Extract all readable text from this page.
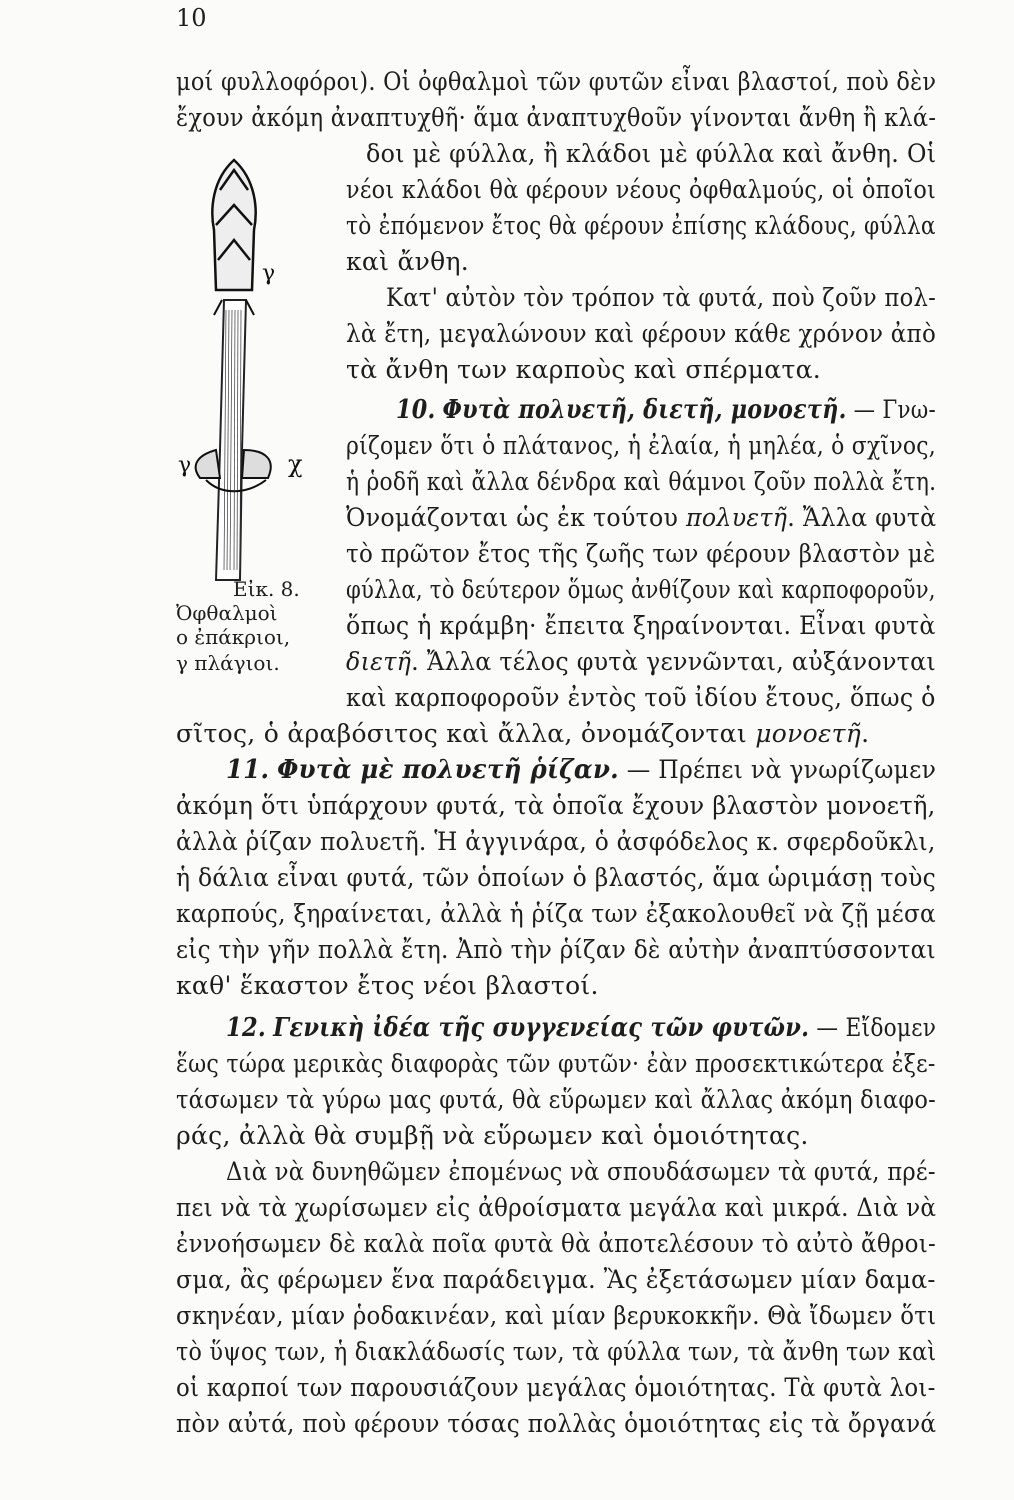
10
μοί φυλλοφόροι). Οἱ ὀφθαλμοὶ τῶν φυτῶν εἶναι βλαστοί, ποὺ δὲν
ἔχουν ἀκόμη ἀναπτυχθῆ· ἅμα ἀναπτυχθοῦν γίνονται ἄνθη ἢ κλά-
γ
γ	χ
Εἰκ. 8.
Ὀφθαλμοὶ
ο ἐπάκριοι,
γ πλάγιοι.
δοι μὲ φύλλα, ἢ κλάδοι μὲ φύλλα καὶ ἄνθη. Οἱ
νέοι κλάδοι θὰ φέρουν νέους ὀφθαλμούς, οἱ ὁποῖοι
τὸ ἐπόμενον ἔτος θὰ φέρουν ἐπίσης κλάδους, φύλλα
καὶ ἄνθη.
Κατ' αὐτὸν τὸν τρόπον τὰ φυτά, ποὺ ζοῦν πολ-
λὰ ἔτη, μεγαλώνουν καὶ φέρουν κάθε χρόνον ἀπὸ
τὰ ἄνθη των καρποὺς καὶ σπέρματα.
10. Φυτὰ πολυετῆ, διετῆ, μονοετῆ. — Γνω-
ρίζομεν ὅτι ὁ πλάτανος, ἡ ἐλαία, ἡ μηλέα, ὁ σχῖνος,
ἡ ῥοδῆ καὶ ἄλλα δένδρα καὶ θάμνοι ζοῦν πολλὰ ἔτη.
Ὀνομάζονται ὡς ἐκ τούτου πολυετῆ. Ἄλλα φυτὰ
τὸ πρῶτον ἔτος τῆς ζωῆς των φέρουν βλαστὸν μὲ
φύλλα, τὸ δεύτερον ὅμως ἀνθίζουν καὶ καρποφοροῦν,
ὅπως ἡ κράμβη· ἔπειτα ξηραίνονται. Εἶναι φυτὰ
διετῆ. Ἄλλα τέλος φυτὰ γεννῶνται, αὐξάνονται
καὶ καρποφοροῦν ἐντὸς τοῦ ἰδίου ἔτους, ὅπως ὁ
σῖτος, ὁ ἀραβόσιτος καὶ ἄλλα, ὀνομάζονται μονοετῆ.
11. Φυτὰ μὲ πολυετῆ ῥίζαν. — Πρέπει νὰ γνωρίζωμεν
ἀκόμη ὅτι ὑπάρχουν φυτά, τὰ ὁποῖα ἔχουν βλαστὸν μονοετῆ,
ἀλλὰ ῥίζαν πολυετῆ. Ἡ ἀγγινάρα, ὁ ἀσφόδελος κ. σφερδοῦκλι,
ἡ δάλια εἶναι φυτά, τῶν ὁποίων ὁ βλαστός, ἅμα ὡριμάσῃ τοὺς
καρπούς, ξηραίνεται, ἀλλὰ ἡ ῥίζα των ἐξακολουθεῖ νὰ ζῇ μέσα
εἰς τὴν γῆν πολλὰ ἔτη. Ἀπὸ τὴν ῥίζαν δὲ αὐτὴν ἀναπτύσσονται
καθ' ἕκαστον ἔτος νέοι βλαστοί.
12. Γενικὴ ἰδέα τῆς συγγενείας τῶν φυτῶν. — Εἴδομεν
ἕως τώρα μερικὰς διαφορὰς τῶν φυτῶν· ἐὰν προσεκτικώτερα ἐξε-
τάσωμεν τὰ γύρω μας φυτά, θὰ εὕρωμεν καὶ ἄλλας ἀκόμη διαφο-
ράς, ἀλλὰ θὰ συμβῇ νὰ εὕρωμεν καὶ ὁμοιότητας.
Διὰ νὰ δυνηθῶμεν ἐπομένως νὰ σπουδάσωμεν τὰ φυτά, πρέ-
πει νὰ τὰ χωρίσωμεν εἰς ἀθροίσματα μεγάλα καὶ μικρά. Διὰ νὰ
ἐννοήσωμεν δὲ καλὰ ποῖα φυτὰ θὰ ἀποτελέσουν τὸ αὐτὸ ἄθροι-
σμα, ἂς φέρωμεν ἕνα παράδειγμα. Ἂς ἐξετάσωμεν μίαν δαμα-
σκηνέαν, μίαν ῥοδακινέαν, καὶ μίαν βερυκοκκῆν. Θὰ ἴδωμεν ὅτι
τὸ ὕψος των, ἡ διακλάδωσίς των, τὰ φύλλα των, τὰ ἄνθη των καὶ
οἱ καρποί των παρουσιάζουν μεγάλας ὁμοιότητας. Τὰ φυτὰ λοι-
πὸν αὐτά, ποὺ φέρουν τόσας πολλὰς ὁμοιότητας εἰς τὰ ὄργανά
